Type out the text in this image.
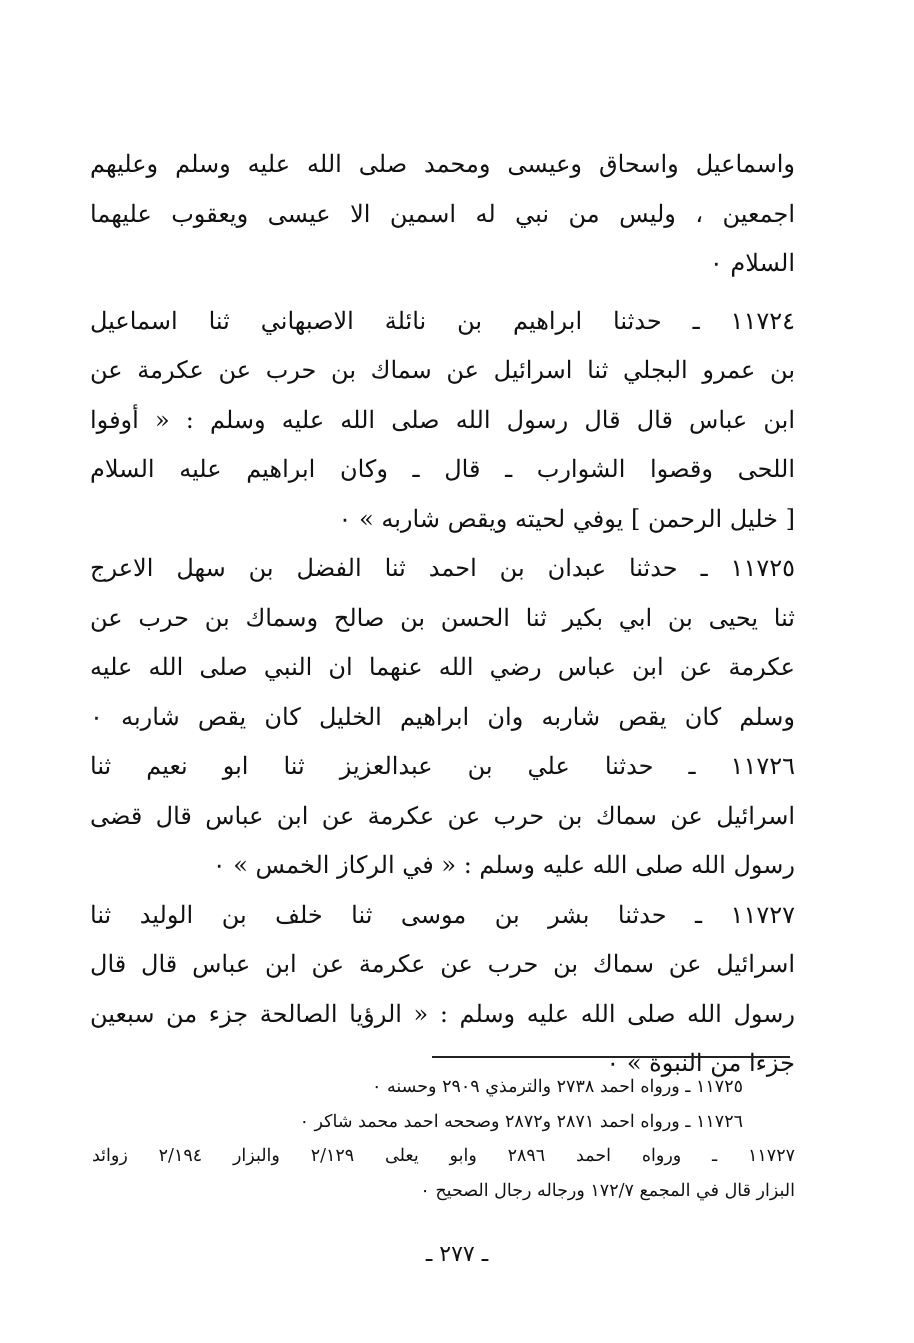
واسماعيل واسحاق وعيسى ومحمد صلى الله عليه وسلم وعليهم
اجمعين ، وليس من نبي له اسمين الا عيسى ويعقوب عليهما
السلام ٠
١١٧٢٤ ـ حدثنا ابراهيم بن نائلة الاصبهاني ثنا اسماعيل
بن عمرو البجلي ثنا اسرائيل عن سماك بن حرب عن عكرمة عن
ابن عباس قال قال رسول الله صلى الله عليه وسلم : « أوفوا
اللحى وقصوا الشوارب ـ قال ـ وكان ابراهيم عليه السلام
[ خليل الرحمن ] يوفي لحيته ويقص شاربه » ٠
١١٧٢٥ ـ حدثنا عبدان بن احمد ثنا الفضل بن سهل الاعرج
ثنا يحيى بن ابي بكير ثنا الحسن بن صالح وسماك بن حرب عن
عكرمة عن ابن عباس رضي الله عنهما ان النبي صلى الله عليه
وسلم كان يقص شاربه وان ابراهيم الخليل كان يقص شاربه ٠
١١٧٢٦ ـ حدثنا علي بن عبدالعزيز ثنا ابو نعيم ثنا
اسرائيل عن سماك بن حرب عن عكرمة عن ابن عباس قال قضى
رسول الله صلى الله عليه وسلم : « في الركاز الخمس » ٠
١١٧٢٧ ـ حدثنا بشر بن موسى ثنا خلف بن الوليد ثنا
اسرائيل عن سماك بن حرب عن عكرمة عن ابن عباس قال قال
رسول الله صلى الله عليه وسلم : « الرؤيا الصالحة جزء من سبعين
جزءا من النبوة » ٠
١١٧٢٥ ـ ورواه احمد ٢٧٣٨ والترمذي ٢٩٠٩ وحسنه ٠
١١٧٢٦ ـ ورواه احمد ٢٨٧١ و٢٨٧٢ وصححه احمد محمد شاكر ٠
١١٧٢٧ ـ ورواه احمد ٢٨٩٦ وابو يعلى ٢/١٢٩ والبزار ٢/١٩٤ زوائد
البزار قال في المجمع ١٧٢/٧ ورجاله رجال الصحيح ٠
ـ ٢٧٧ ـ
